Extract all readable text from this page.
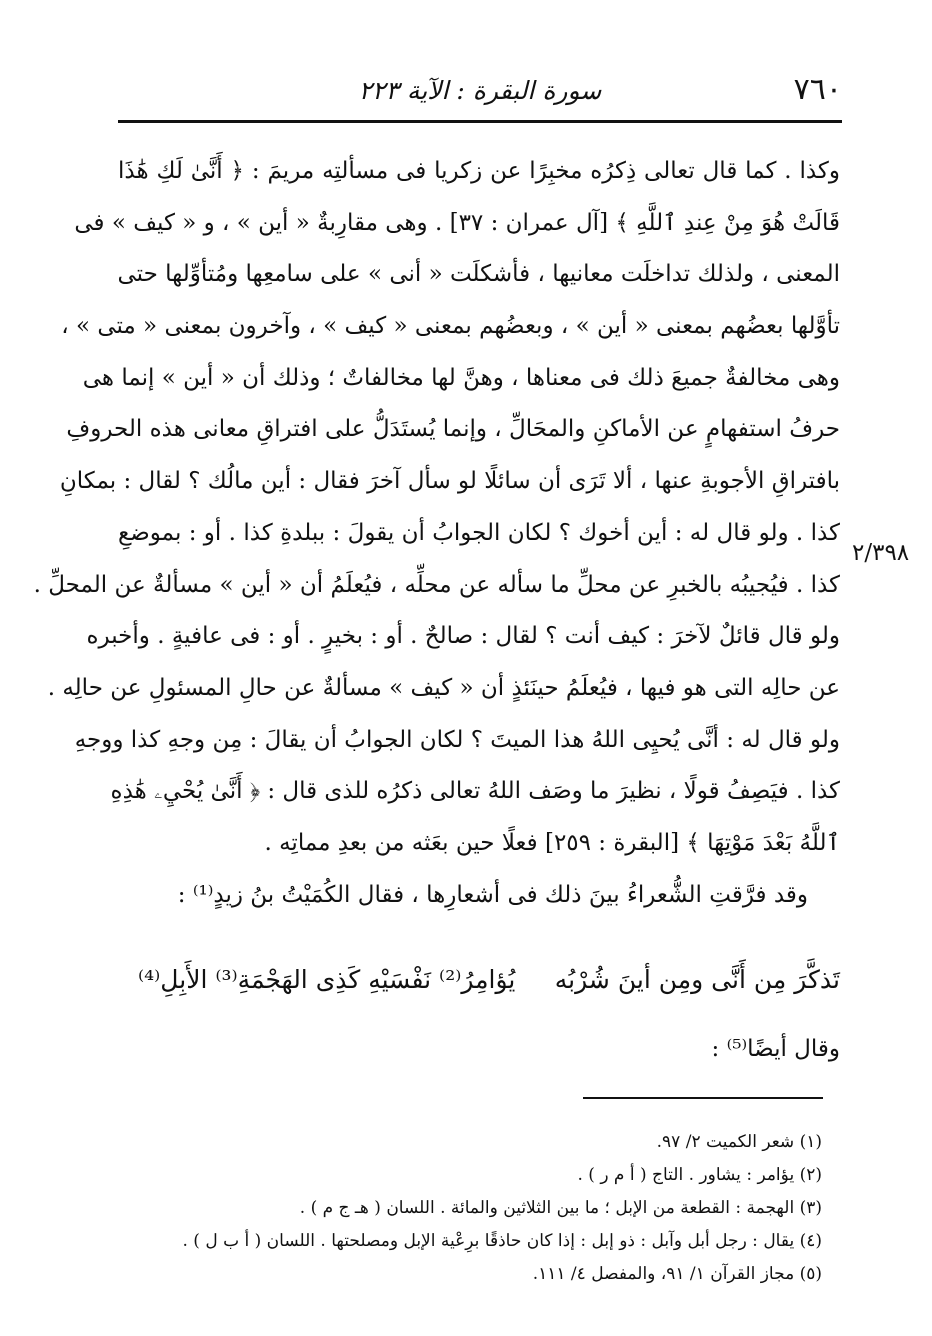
٧٦٠
سورة البقرة : الآية ٢٢٣
وكذا . كما قال تعالى ذِكرُه مخبِرًا عن زكريا فى مسألتِه مريمَ : ﴿ أَنَّىٰ لَكِ هَٰذَا
قَالَتْ هُوَ مِنْ عِندِ ٱللَّهِ ﴾ [آل عمران : ٣٧] . وهى مقارِبةٌ « أين » ، و « كيف » فى
المعنى ، ولذلك تداخلَت معانيها ، فأشكلَت « أنى » على سامعِها ومُتأوِّلها حتى
تأوَّلها بعضُهم بمعنى « أين » ، وبعضُهم بمعنى « كيف » ، وآخرون بمعنى « متى » ،
وهى مخالفةٌ جميعَ ذلك فى معناها ، وهنَّ لها مخالفاتٌ ؛ وذلك أن « أين » إنما هى
حرفُ استفهامٍ عن الأماكنِ والمحَالِّ ، وإنما يُستَدَلُّ على افتراقِ معانى هذه الحروفِ
بافتراقِ الأجوبةِ عنها ، ألا تَرَى أن سائلًا لو سأل آخرَ فقال : أين مالُك ؟ لقال : بمكانِ
كذا . ولو قال له : أين أخوك ؟ لكان الجوابُ أن يقولَ : ببلدةِ كذا . أو : بموضعِ
كذا . فيُجيبُه بالخبرِ عن محلِّ ما سأله عن محلِّه ، فيُعلَمُ أن « أين » مسألةٌ عن المحلِّ .
ولو قال قائلٌ لآخرَ : كيف أنت ؟ لقال : صالحٌ . أو : بخيرٍ . أو : فى عافيةٍ . وأخبره
عن حالِه التى هو فيها ، فيُعلَمُ حينَئذٍ أن « كيف » مسألةٌ عن حالِ المسئولِ عن حالِه .
ولو قال له : أنَّى يُحيِى اللهُ هذا الميتَ ؟ لكان الجوابُ أن يقالَ : مِن وجهِ كذا ووجهِ
كذا . فيَصِفُ قولًا ، نظيرَ ما وصَف اللهُ تعالى ذكرُه للذى قال : ﴿ أَنَّىٰ يُحْيِۦ هَٰذِهِ
ٱللَّهُ بَعْدَ مَوْتِهَا ﴾ [البقرة : ٢٥٩] فعلًا حين بعَثه من بعدِ مماتِه .
وقد فرَّقتِ الشُّعراءُ بينَ ذلك فى أشعارِها ، فقال الكُمَيْتُ بنُ زيدٍ⁽¹⁾ :
٢/٣٩٨
تَذكَّرَ مِن أَنَّى ومِن أينَ شُرْبُه
يُؤامِرُ⁽²⁾ نَفْسَيْهِ كَذِى الهَجْمَةِ⁽³⁾ الأَبِلِ⁽⁴⁾
وقال أيضًا⁽⁵⁾ :
(١) شعر الكميت ٢/ ٩٧.
(٢) يؤامر : يشاور . التاج ( أ م ر ) .
(٣) الهجمة : القطعة من الإبل ؛ ما بين الثلاثين والمائة . اللسان ( هـ ج م ) .
(٤) يقال : رجل أبل وآبل : ذو إبل : إذا كان حاذقًا برِعْية الإبل ومصلحتها . اللسان ( أ ب ل ) .
(٥) مجاز القرآن ١/ ٩١، والمفصل ٤/ ١١١.
